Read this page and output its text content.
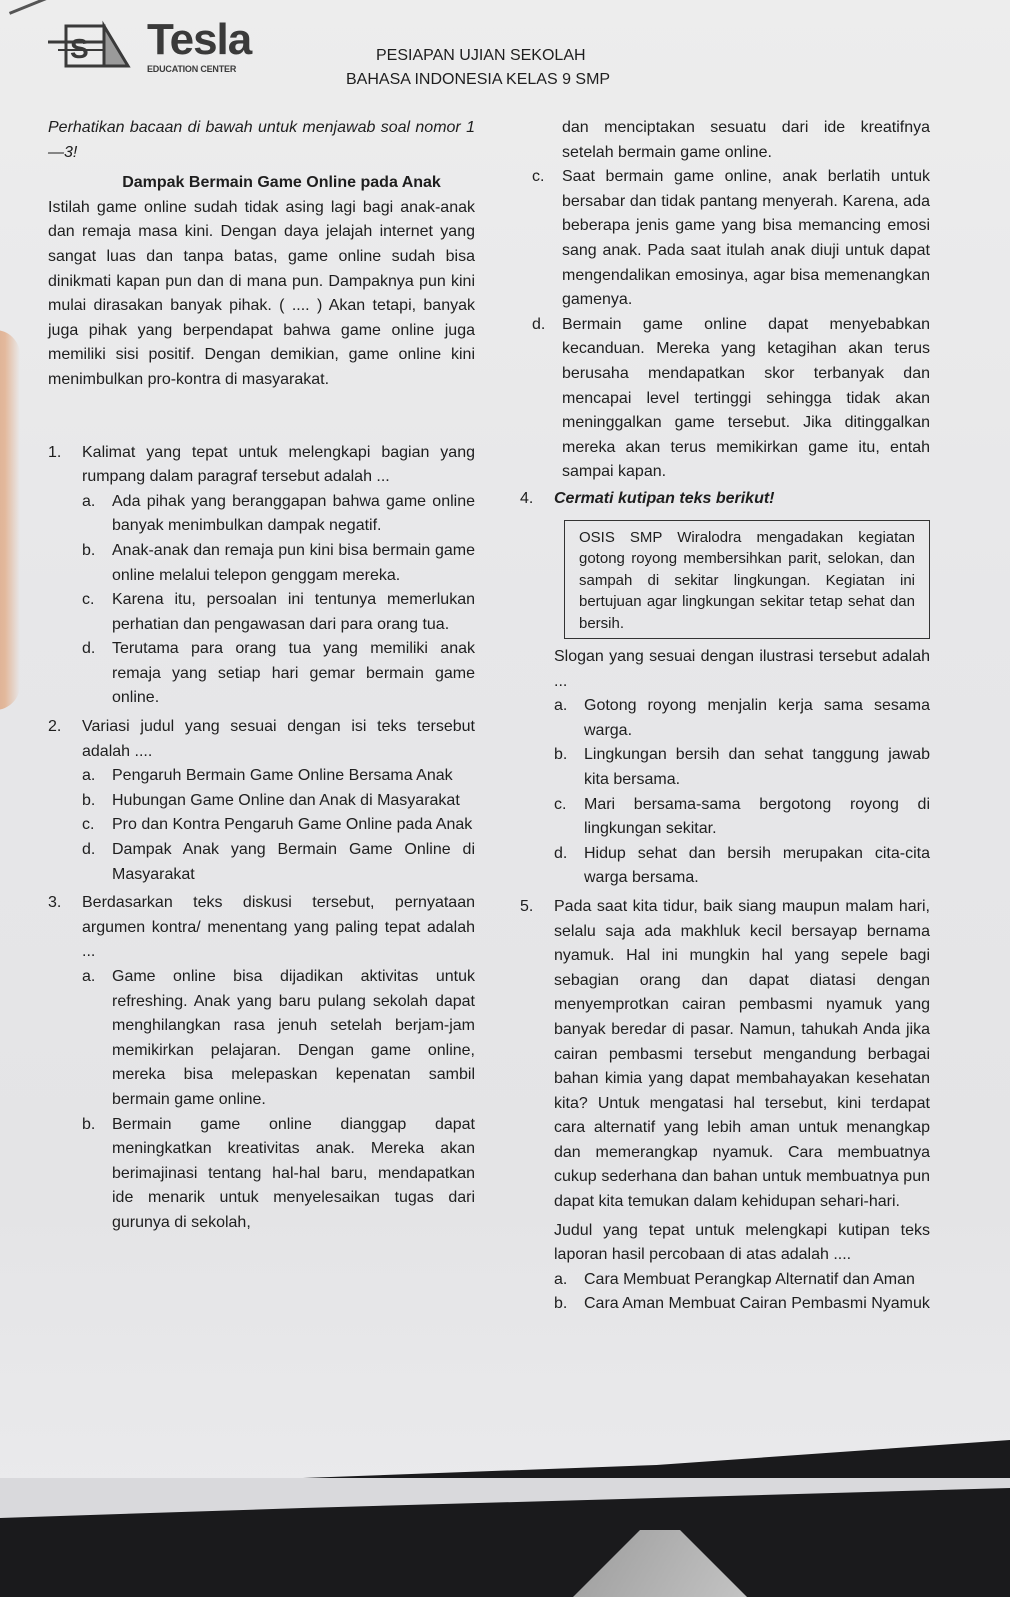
S Tesla
EDUCATION CENTER
PESIAPAN UJIAN SEKOLAH
BAHASA INDONESIA KELAS 9 SMP

Perhatikan bacaan di bawah untuk menjawab soal nomor 1—3!

Dampak Bermain Game Online pada Anak

Istilah game online sudah tidak asing lagi bagi anak-anak dan remaja masa kini. Dengan daya jelajah internet yang sangat luas dan tanpa batas, game online sudah bisa dinikmati kapan pun dan di mana pun. Dampaknya pun kini mulai dirasakan banyak pihak. ( .... ) Akan tetapi, banyak juga pihak yang berpendapat bahwa game online juga memiliki sisi positif. Dengan demikian, game online kini menimbulkan pro-kontra di masyarakat.

1.	Kalimat yang tepat untuk melengkapi bagian yang rumpang dalam paragraf tersebut adalah ...

a.	Ada pihak yang beranggapan bahwa game online banyak menimbulkan dampak negatif.
b.	Anak-anak dan remaja pun kini bisa bermain game online melalui telepon genggam mereka.
c.	Karena itu, persoalan ini tentunya memerlukan perhatian dan pengawasan dari para orang tua.
d.	Terutama para orang tua yang memiliki anak remaja yang setiap hari gemar bermain game online.
2.	Variasi judul yang sesuai dengan isi teks tersebut adalah ....

a.	Pengaruh Bermain Game Online Bersama Anak
b.	Hubungan Game Online dan Anak di Masyarakat
c.	Pro dan Kontra Pengaruh Game Online pada Anak
d.	Dampak Anak yang Bermain Game Online di Masyarakat
3.	Berdasarkan teks diskusi tersebut, pernyataan argumen kontra/ menentang yang paling tepat adalah ...

a.	Game online bisa dijadikan aktivitas untuk refreshing. Anak yang baru pulang sekolah dapat menghilangkan rasa jenuh setelah berjam-jam memikirkan pelajaran. Dengan game online, mereka bisa melepaskan kepenatan sambil bermain game online.
b.	Bermain game online dianggap dapat meningkatkan kreativitas anak. Mereka akan berimajinasi tentang hal-hal baru, mendapatkan ide menarik untuk menyelesaikan tugas dari gurunya di sekolah,

dan menciptakan sesuatu dari ide kreatifnya setelah bermain game online.

c.	Saat bermain game online, anak berlatih untuk bersabar dan tidak pantang menyerah. Karena, ada beberapa jenis game yang bisa memancing emosi sang anak. Pada saat itulah anak diuji untuk dapat mengendalikan emosinya, agar bisa memenangkan gamenya.
d.	Bermain game online dapat menyebabkan kecanduan. Mereka yang ketagihan akan terus berusaha mendapatkan skor terbanyak dan mencapai level tertinggi sehingga tidak akan meninggalkan game tersebut. Jika ditinggalkan mereka akan terus memikirkan game itu, entah sampai kapan.
4.	Cermati kutipan teks berikut!

OSIS SMP Wiralodra mengadakan kegiatan gotong royong membersihkan parit, selokan, dan sampah di sekitar lingkungan. Kegiatan ini bertujuan agar lingkungan sekitar tetap sehat dan bersih.

Slogan yang sesuai dengan ilustrasi tersebut adalah ...

a.	Gotong royong menjalin kerja sama sesama warga.
b.	Lingkungan bersih dan sehat tanggung jawab kita bersama.
c.	Mari bersama-sama bergotong royong di lingkungan sekitar.
d.	Hidup sehat dan bersih merupakan cita-cita warga bersama.
5.	Pada saat kita tidur, baik siang maupun malam hari, selalu saja ada makhluk kecil bersayap bernama nyamuk. Hal ini mungkin hal yang sepele bagi sebagian orang dan dapat diatasi dengan menyemprotkan cairan pembasmi nyamuk yang banyak beredar di pasar. Namun, tahukah Anda jika cairan pembasmi tersebut mengandung berbagai bahan kimia yang dapat membahayakan kesehatan kita? Untuk mengatasi hal tersebut, kini terdapat cara alternatif yang lebih aman untuk menangkap dan memerangkap nyamuk. Cara membuatnya cukup sederhana dan bahan untuk membuatnya pun dapat kita temukan dalam kehidupan sehari-hari.

Judul yang tepat untuk melengkapi kutipan teks laporan hasil percobaan di atas adalah ....

a.	Cara Membuat Perangkap Alternatif dan Aman
b.	Cara Aman Membuat Cairan Pembasmi Nyamuk
